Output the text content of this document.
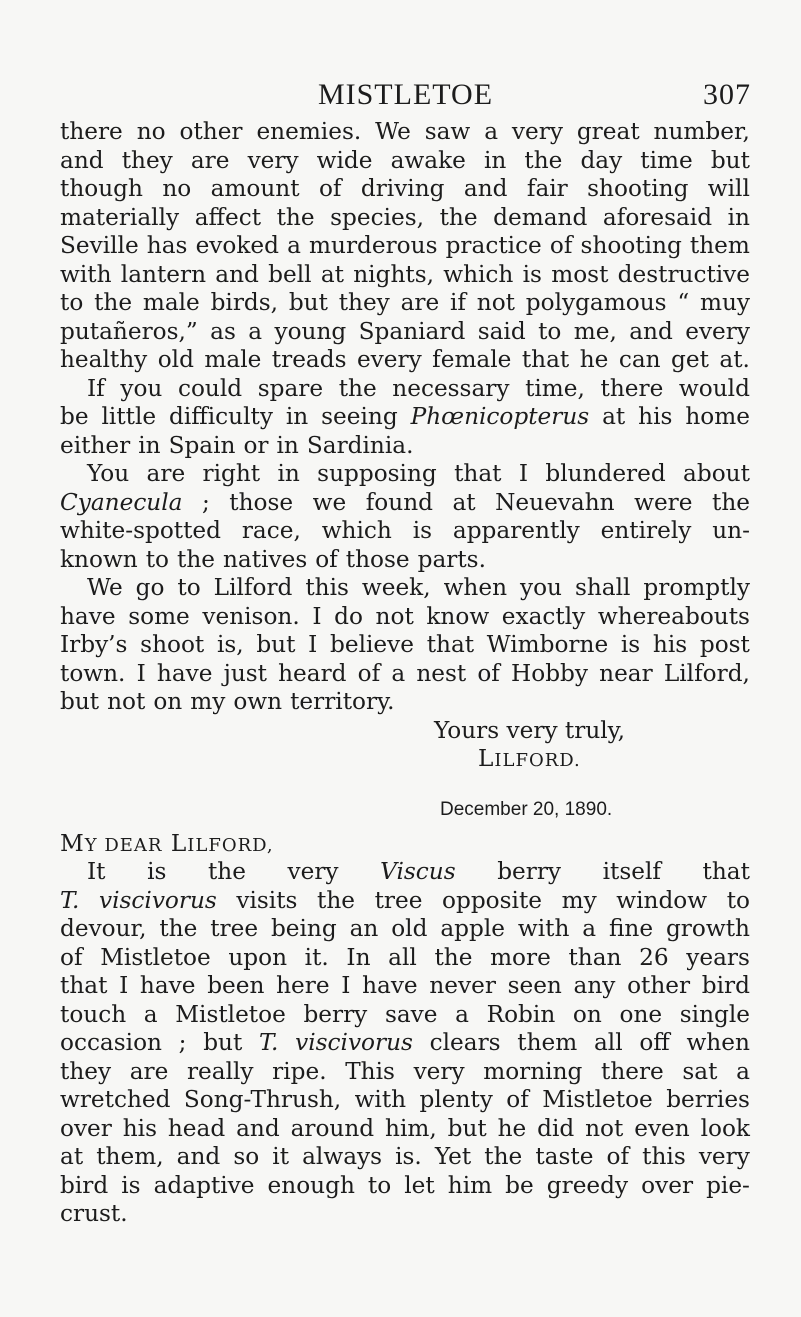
MISTLETOE	307
there no other enemies. We saw a very great number,
and they are very wide awake in the day time but
though no amount of driving and fair shooting will
materially affect the species, the demand aforesaid in
Seville has evoked a murderous practice of shooting them
with lantern and bell at nights, which is most destructive
to the male birds, but they are if not polygamous “ muy
putañeros,” as a young Spaniard said to me, and every
healthy old male treads every female that he can get at.
If you could spare the necessary time, there would
be little difficulty in seeing Phœnicopterus at his home
either in Spain or in Sardinia.
You are right in supposing that I blundered about
Cyanecula ; those we found at Neuevahn were the
white-spotted race, which is apparently entirely un-
known to the natives of those parts.
We go to Lilford this week, when you shall promptly
have some venison. I do not know exactly whereabouts
Irby’s shoot is, but I believe that Wimborne is his post
town. I have just heard of a nest of Hobby near Lilford,
but not on my own territory.
Yours very truly,
LILFORD.
December 20, 1890.
MY DEAR LILFORD,
It is the very Viscus berry itself that
T. viscivorus visits the tree opposite my window to
devour, the tree being an old apple with a fine growth
of Mistletoe upon it. In all the more than 26 years
that I have been here I have never seen any other bird
touch a Mistletoe berry save a Robin on one single
occasion ; but T. viscivorus clears them all off when
they are really ripe. This very morning there sat a
wretched Song-Thrush, with plenty of Mistletoe berries
over his head and around him, but he did not even look
at them, and so it always is. Yet the taste of this very
bird is adaptive enough to let him be greedy over pie-
crust.
